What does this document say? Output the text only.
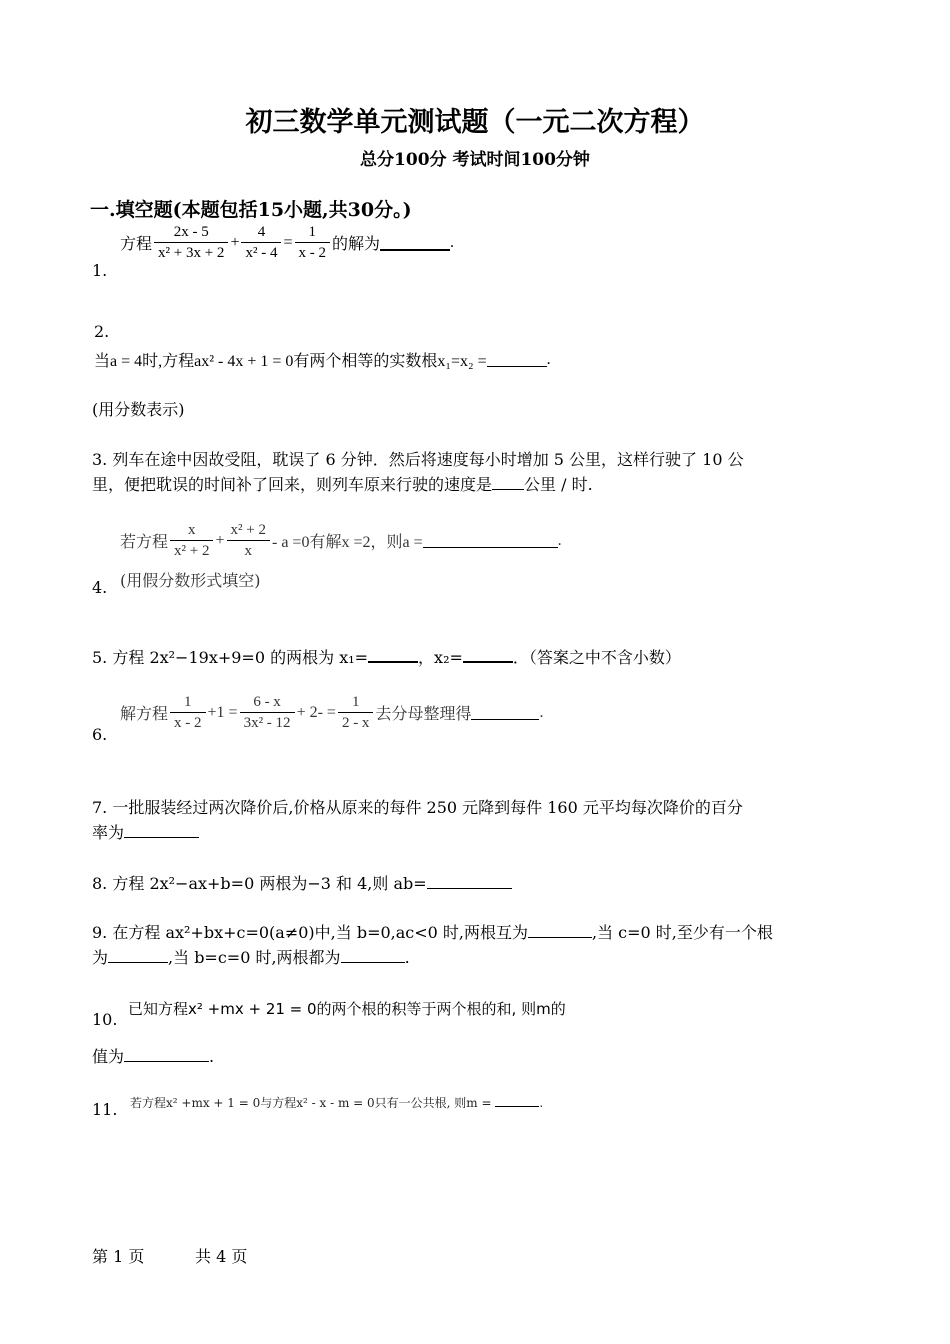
初三数学单元测试题（一元二次方程）
总分100分 考试时间100分钟
一.填空题(本题包括15小题,共30分。)
方程 $\frac{2x - 5}{\text{x² + 3x + 2}} + \frac{4}{\text{x² - 4}} = \frac{1}{x - 2}$ 的解为	.
1.
2.
当a = 4时,方程ax² - 4x + 1 = 0有两个相等的实数根x₁=x₂ =	.
(用分数表示)
3. 列车在途中因故受阻，耽误了 6 分钟．然后将速度每小时增加 5 公里，这样行驶了 10 公
里，便把耽误的时间补了回来，则列车原来行驶的速度是 公里 / 时.
若方程 $\frac{x}{\text{x² + 2}} + \frac{\text{x² + 2}}{x} - a =0$有解x =2，则a =	.
(用假分数形式填空)
4.
5. 方程 2x²−19x+9=0 的两根为 x₁=	，x₂=	．（答案之中不含小数）
解方程 $\frac{1}{x - 2} +1 = \frac{6 - x}{\text{3x² - 12}} + 2- = \frac{1}{2 - x}$ 去分母整理得	.
6.
7. 一批服装经过两次降价后,价格从原来的每件 250 元降到每件 160 元平均每次降价的百分
率为
8. 方程 2x²−ax+b=0 两根为−3 和 4,则 ab=
9. 在方程 ax²+bx+c=0(a≠0)中,当 b=0,ac<0 时,两根互为	,当 c=0 时,至少有一个根
为	,当 b=c=0 时,两根都为	.
已知方程x² +mx + 21 = 0的两个根的积等于两个根的和, 则m的
10.
值为	.
若方程x² +mx + 1 = 0与方程x² - x - m = 0只有一公共根, 则m =	.
11.
第 1 页	共 4 页
